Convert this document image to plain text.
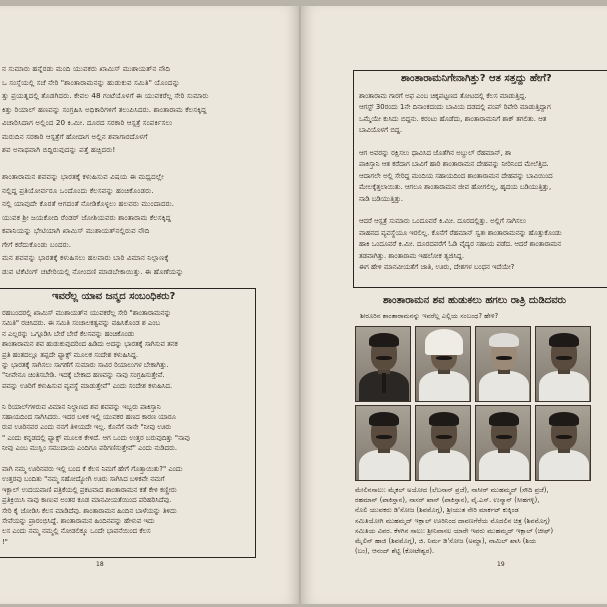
ನ ಸುಮಾರು ಹನ್ನೆರಡು ಮಂದಿ ಯುವಕರು ಖಾಮಿಸ್ ಮುಶಾಯತ್‌ನ ನೌದಿ
ಒ ಸಂಸ್ಥೆಯಲ್ಲಿ ಸಚೆ ನೇರಿ "ಶಾಂತಾರಾಮನನ್ನು ಹುಡುಕುವ ಸಮಿತಿ" ಯೊಂದನ್ನು
ತ್ತು ಪ್ರಯತ್ನದಲ್ಲಿ ತೊಡಗಿದರು. ಕೇವಲ 48 ಗಂಟೆಯೊಳಗೆ ಈ ಯುವಕರೆಲ್ಲ ಸೇರಿ ಸುಮಾರು
ಕಿತ್ತು ರಿಯಾಲ್ ಹಣವನ್ನು ಸಂಗ್ರಹಿಸಿ ಅಧಿಕಾರಿಗಳಿಗೆ ತಲುಪಿಸಿದರು. ಶಾಂತಾರಾಮ ಕೆಲಸಕ್ಕಿದ್ದ
ವಿಚಾರಿಸಿದಾಗ ಅಲ್ಲಿಂದ 20 ಕಿ.ಮೀ. ದೂರದ ಸರಕಾರಿ ಆಸ್ಪತ್ರೆ ಸಂಪರ್ಕಿಸಲು
ಮರುದಿನ ಸರಕಾರಿ ಆಸ್ಪತ್ರೆಗೆ ಹೋದಾಗ ಅಲ್ಲಿನ ಶವಾಗಾರದೊಳಗೆ
ಶವ ಅನಾಥವಾಗಿ ಬಿದ್ದಿರುವುದನ್ನು ಪತ್ತೆ ಹಚ್ಚಿದರು!
ಶಾಂತಾರಾಮನ ಶವವನ್ನು ಭಾರತಕ್ಕೆ ಕಳುಹಿಸುವ ವಿಷಯ ಈ ಮಧ್ಯದಲ್ಲೇ
ನಲ್ಲಿದ್ದ ಪ್ರತಿಯೋರ್ವರೂ ಒಂದೊಂದು ಕೆಲಸವನ್ನು ಹಂಚಿಕೊಂಡರು.
ನಲ್ಲಿ ಯಾವುದೇ ಕೊರತೆ ಆಗದಂತೆ ನೋಡಿಕೊಳ್ಳಲು ಹಲವರು ಮುಂದಾದರು.
ಯುವಕ ಶ್ರೀ ಜಯಕೋದಿ ರೆಂಡರ್ ಜೋಶಿಯವರು ಶಾಂತಾರಾಮ ಕೆಲಸಕ್ಕಿದ್ದ
ಕಪಾನಿಯನ್ನು ಭೇಟಿಯಾಗಿ ಖಾಮಿಸ್ ಮುಶಾಯತ್‌ನಲ್ಲಿರುವ ನೌದಿ
ಗೇಗೆ ಕರೆದುಕೊಂಡು ಬಂದರು.
ಮನ ಶವವನ್ನು ಭಾರತಕ್ಕೆ ಕಳುಹಿಸಲು ಹಲವಾರು ಬಾರಿ ವಿಮಾನ ನಿಲ್ದಾಣಕ್ಕೆ
ಡುವ ಟಿಕೆಟಿಂಗ್ ಚಟೇರಿಯಲ್ಲಿ ನೋಂದಣಿ ಮಾಡಬೇಕಾಯಿತ್ತು. ಈ ಹೊಣೆಯನ್ನು
ಇವರೆಲ್ಲ ಯಾವ ಜನ್ಮದ ಸಂಬಂಧಿಕರು?
ರಹಬಂದರಲ್ಲಿ ಖಾಮಿಸ್ ಮುಶಾಯತ್‌ನ ಯುವಕರೆಲ್ಲ ಸೇರಿ "ಶಾಂತಾರಾಮನನ್ನು
ಸಮಿತಿ" ರಚಿಸಿದರು. ಈ ಸಮಿತಿ ಸಂಚಾಲಕತ್ವವನ್ನು ವಹಿಸಿಕೊಂಡ ಶ ಎಂಬ
ನ ಎಲ್ಲರನ್ನು ಒಗ್ಗೂಡಿಸಿ ಬೇರೆ ಬೇರೆ ಕೆಲಸವನ್ನು ಹಂಚಿಕೊಂಡು
ಶಾಂತಾರಾಮನ ಶವ ಹುಡುಕುವುದರಿಂದ ಹಿಡಿದು ಅದನ್ನು ಭಾರತಕ್ಕೆ ಸಾಗಿಸುವ ತನಕ
ಪ್ರತಿ ಹಂತದಲ್ಲೂ ತಪ್ಪದೇ ಫ್ಯಾಕ್ಸ್ ಮೂಲಕ ಸಂದೇಶ ಕಳುಹಿಸಿದ್ದ.
ನ್ನು ಭಾರತಕ್ಕೆ ಸಾಗಿಸಲು ಸಾಗಣೆಗೆ ಸುಮಾರು ಸಾವಿರ ರಿಯಾಲುಗಳ ಬೇಕಾಗಿತ್ತು.
"ನೀವೇನೂ ಚಿಂತಿಸಬೇಡಿ. ಇದಕ್ಕೆ ಬೇಕಾದ ಹಣವನ್ನು ನಾವು ಸಂಗ್ರಹಿಸುತ್ತೇವೆ.
ಪವನ್ನು ಊರಿಗೆ ಕಳುಹಿಸುವ ವ್ಯವಸ್ಥೆ ಮಾಡುತ್ತೇವೆ" ಎಂದು ಸಂದೇಶ ಕಳುಹಿಸಿದ.
ನಿ ರಿಯಾಲ್‌ಗಳಿರುವ ವಿಮಾನ ನಿಲ್ದಾಣದ ಶವ ಶವವನ್ನು ಇಬ್ಬರು ಪಾಕಿಸ್ತಾನಿ
ಸಹಾಯದಿಂದ ಸಾಗಿಸಿದರು. ಇದರ ಬಳಿಕ ಇಲ್ಲಿ ಯುವಕರ ಹಣದ ಕಾರಣ ಯಾರೂ
ರುವ ಊರಿನವರ ಎಂದು ನನಗೆ ತಿಳಿಯದೇ ಇಲ್ಲ. ಕೊನೆಗೆ ನಾನೇ "ನೀವು ಊರು
" ಎಂದು ಕನ್ನಡದಲ್ಲಿ ಫ್ಯಾಕ್ಸ್ ಮೂಲಕ ಕೇಳಿದೆ. ಆಗ ಒಂದು ಉತ್ತರ ಬರುವುದಿತ್ತು "ನಾವು
ನೀವು ಎಂಬ ಮುಸ್ಲಿಂ ಸಮುದಾಯ ಎಂದಿಗೂ ಪರಿಗಣಿಸುತ್ತೇವೆ" ಎಂದು ನುಡಿದರು.
ವಾಗಿ ನಮ್ಮ ಊರಿನವರು ಇಲ್ಲಿ ಬಂದ ಕೆ ಕೆಲಸ ನಿಮಗೆ ಹೇಗೆ ಗೊತ್ತಾಯಿತು?" ಎಂದು
ಉತ್ತರವು ಬಂದಿತು "ನಮ್ಮ ಸಹೋದ್ಯೋಗಿ ಊರು ಸಾಗಿಸಿದ ಬಳಿಕವೇ ನಮಗೆ
ಇಕ್ಬಾಲ್ ಉದಯವಾಣಿ ಪತ್ರಿಕೆಯಲ್ಲಿ ಪ್ರಕಟವಾದ ಶಾಂತಾರಾಮನ ಕತೆ ಕೇಳಿ ಕಣ್ಣೀರು
ಪ್ರತಿಕ್ರಿಯಿಸಿ ನಾವು ಕಾಣುವ ಅಂತರ ಕೂಡ ಮಾನವೀಯತೆಯಿಂದ ಪರಿಹರಿಸಿದೆವು.
ಸೇರಿ ಕೈ ಜೋಡಿಸಿ ಕೆಲಸ ಮಾಡಿದೆವು. ಶಾಂತಾರಾಮನ ಹಿಂದಿನ ಬಾಳೆಯನ್ನು ತಿಳಿದು
ಸೇವೆಯನ್ನು ಪ್ರಾರಂಭಿಸಿದ್ದೆ. ಶಾಂತಾರಾಮನ ಹಿಂದಿನವನ್ನು ಹೇಳುವ ಇದು
ಲಸ ಎಂದು ನಮ್ಮ ನಮ್ಮಲ್ಲಿ ನೋಡಲಿಕ್ಕೂ ಒಂದೇ ಭಾವನೆಯಿಂದ ಕೆಲಸ
!"
18
ಶಾಂತಾರಾಮನಿಗೇನಾಗಿತ್ತು? ಆತ ಸತ್ತದ್ದು ಹೇಗೆ?
ಶಾಂತಾರಾಮ ಗಾರಗೆ ಅಫ ಎಂಬ ಚಿಕ್ಕಪಟ್ಟಣದ ತೋಟದಲ್ಲಿ ಕೆಲಸ ಮಾಡುತ್ತಿದ್ದ.
ಆಗಸ್ಟ್ 30ರಂದು 1ನೇ ದಿನಾಂಕದಂದು ಬಾವಿಯ ದಡದಲ್ಲಿ ಪಂಪ್ ರಿಪೇರಿ ಮಾಡುತ್ತಿದ್ದಾಗ
ಒಮ್ಮೆಯೇ ಕುಸಿದು ಬಿದ್ದನು. ಕರಂಟು ಹೊಡೆದು, ಶಾಂತಾರಾಮನಿಗೆ ಶಾಕ್ ತಗಲಿತು. ಆತ
ಬಾವಿಯೊಳಗೆ ಬಿದ್ದ.
ಆಗ ಅವರನ್ನು ರಕ್ಷಿಸಲು ಧಾವಿಸಿದ ಜೊತೆಗಿನ ಅಬ್ದುಲ್ ರೆಹಮಾನ್, ಶಾ
ಪಾಕಿಸ್ತಾನಿ ಆತ ಕರೆದಾಗ ಬಾವಿಗೆ ಹಾರಿ ಶಾಂತಾರಾಮನ ದೇಹವನ್ನು ನೀರಿನಿಂದ ಮೇಲೆತ್ತಿದ.
ಆದಾಗಲೇ ಅಲ್ಲಿ ಸೇರಿದ್ದ ಮಂದಿಯ ಸಹಾಯದಿಂದ ಶಾಂತಾರಾಮನ ದೇಹವನ್ನು ಬಾವಿಯಿಂದ
ಮೇಲಕ್ಕೆತ್ತಲಾಯಿತು. ಆಗಲೂ ಶಾಂತಾರಾಮನ ಜೀವ ಹೋಗಲಿಲ್ಲ, ಹೃದಯ ಬಡಿಯುತ್ತಿತ್ತು,
ನಾಡಿ ಬಡಿಯುತ್ತಿತ್ತು.
ಆದರೆ ಆಸ್ಪತ್ರೆ ಸುಮಾರು ಒಂದೂವರೆ ಕಿ.ಮೀ. ದೂರದಲ್ಲಿತ್ತು. ಅಲ್ಲಿಗೆ ಸಾಗಿಸಲು
ವಾಹನದ ವ್ಯವಸ್ಥೆಯೂ ಇರಲಿಲ್ಲ. ಕೊನೆಗೆ ರೆಹಮಾನ್ ಸ್ವತಃ ಶಾಂತಾರಾಮನನ್ನು ಹೊತ್ತುಕೊಂಡು
ಹಾಕಿ ಒಂದೂವರೆ ಕಿ.ಮೀ. ದೂರದವರೆಗೆ ಓಡಿ ವೈದ್ಯರ ಸಹಾಯ ಪಡೆದ. ಆದರೆ ಶಾಂತಾರಾಮನ
ತಡವಾಗಿತ್ತು. ಶಾಂತಾರಾಮ ಇಹಲೋಕ ತ್ಯಜಿಸಿದ್ದ.
ಈಗ ಹೇಳಿ ಮಾನವೀಯತೆಗೆ ಜಾತಿ, ಊರು, ದೇಶಗಳ ಬಂಧನ ಇದೆಯೇ?
ಶಾಂತಾರಾಮನ ಶವ ಹುಡುಕಲು ಹಗಲು ರಾತ್ರಿ ದುಡಿದವರು
ಶೀರೂರಿನ ಶಾಂತಾರಾಮನನ್ನು ಇವರೆಲ್ಲ ಎಲ್ಲಿಯ ಸಂಬಂಧ? ಹೇಳಿ?
ಮೇಲಿನಸಾಲು: ಮೈಕಲ್ ಅಯೋದ (ಲೆಬನಾನ್ ಪ್ರಜೆ), ನಾಸೀರ್ ಮುಹಮ್ಮದ್ (ಸೌದಿ ಪ್ರಜೆ),
ರಹಮಾನ್ (ಪಾಕಿಸ್ತಾನ), ನಾಸರ್ ಖಾನ್ (ಪಾಕಿಸ್ತಾನ), ವೈ.ಎಸ್. ಉಸ್ಮಾನ್ (ಸೀಹಗಳ್ಳಿ),
ನೊಲಿ ಯುವಕರು ಡಿ'ಸೋಜ (ಶಿವಮೊಗ್ಗ), ಶ್ರೀಯುತ ನೇರಿ ಮಾರ್ಕಟ್ ಕುಕ್ಕಿಂಡ
ಸಮಿತಿಯೋಗಿ ಮುಹಮ್ಮದ್ ಇಕ್ಬಾಲ್ ಊರಿನಿಂದ ದಾವಣಗೆರೆಯ ಮೊದಲಿನ ಚಿತ್ರ (ಶಿವಮೊಗ್ಗ)
ಸಮಿತಿಯ ವಿವರ. ಕೆಳಗಿನ ಸಾಲು: ಶ್ರೀನಿವಾಸಲ ಯಾರೇ ಇವರು ಮುಹಮ್ಮದ್ ಇಕ್ಬಾಲ್ (ಚೀಫ್)
ಮೈಲಿನ್ ಹಾಜಿ (ಶಿವಮೊಗ್ಗ), ಜಿ. ನಿರ್ಮ ಡಿ'ಸೋಜ (ಅಮ್ದಾ), ನಾಮಿಲ್ ಖಾಸಿ (ಶಿಯ
(ಬಂ), ಆನಂದ್ ಶೆಟ್ಟಿ (ಕೋಟೇಶ್ವರ).
19
